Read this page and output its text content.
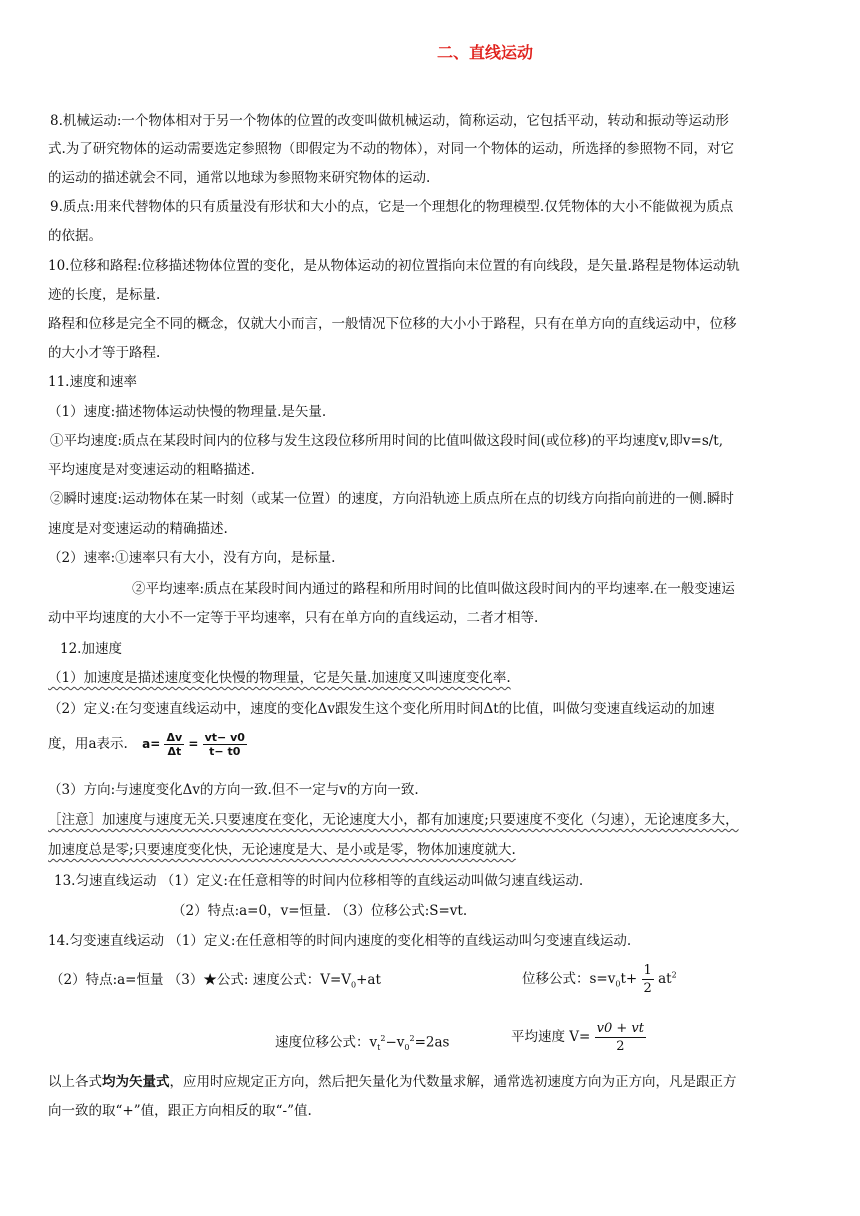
二、直线运动
8.机械运动:一个物体相对于另一个物体的位置的改变叫做机械运动，简称运动，它包括平动，转动和振动等运动形
式.为了研究物体的运动需要选定参照物（即假定为不动的物体），对同一个物体的运动，所选择的参照物不同，对它
的运动的描述就会不同，通常以地球为参照物来研究物体的运动.
9.质点:用来代替物体的只有质量没有形状和大小的点，它是一个理想化的物理模型.仅凭物体的大小不能做视为质点
的依据。
10.位移和路程:位移描述物体位置的变化，是从物体运动的初位置指向末位置的有向线段，是矢量.路程是物体运动轨
迹的长度，是标量.
路程和位移是完全不同的概念，仅就大小而言，一般情况下位移的大小小于路程，只有在单方向的直线运动中，位移
的大小才等于路程.
11.速度和速率
（1）速度:描述物体运动快慢的物理量.是矢量.
①平均速度:质点在某段时间内的位移与发生这段位移所用时间的比值叫做这段时间(或位移)的平均速度v,即v=s/t,
平均速度是对变速运动的粗略描述.
②瞬时速度:运动物体在某一时刻（或某一位置）的速度，方向沿轨迹上质点所在点的切线方向指向前进的一侧.瞬时
速度是对变速运动的精确描述.
（2）速率:①速率只有大小，没有方向，是标量.
②平均速率:质点在某段时间内通过的路程和所用时间的比值叫做这段时间内的平均速率.在一般变速运
动中平均速度的大小不一定等于平均速率，只有在单方向的直线运动，二者才相等.
12.加速度
（1）加速度是描述速度变化快慢的物理量，它是矢量.加速度又叫速度变化率.
（2）定义:在匀变速直线运动中，速度的变化Δv跟发生这个变化所用时间Δt的比值，叫做匀变速直线运动的加速
度，用a表示. $a= \frac{\Delta v}{\Delta t} = \frac{vt- v0}{t- t0}$
（3）方向:与速度变化Δv的方向一致.但不一定与v的方向一致.
［注意］加速度与速度无关.只要速度在变化，无论速度大小，都有加速度;只要速度不变化（匀速），无论速度多大，
加速度总是零;只要速度变化快，无论速度是大、是小或是零，物体加速度就大.
13.匀速直线运动 （1）定义:在任意相等的时间内位移相等的直线运动叫做匀速直线运动.
（2）特点:a=0，v=恒量. （3）位移公式:S=vt.
14.匀变速直线运动 （1）定义:在任意相等的时间内速度的变化相等的直线运动叫匀变速直线运动.
（2）特点:a=恒量 （3）★公式: 速度公式：$V=V_0+at$	位移公式：$s=v_0t+ \frac{1}{2} at^2$
速度位移公式：$v_t^2-v_0^2=2as$	平均速度 $V= \frac{v0 + vt}{2}$
以上各式均为矢量式，应用时应规定正方向，然后把矢量化为代数量求解，通常选初速度方向为正方向，凡是跟正方
向一致的取“+”值，跟正方向相反的取“-”值.
